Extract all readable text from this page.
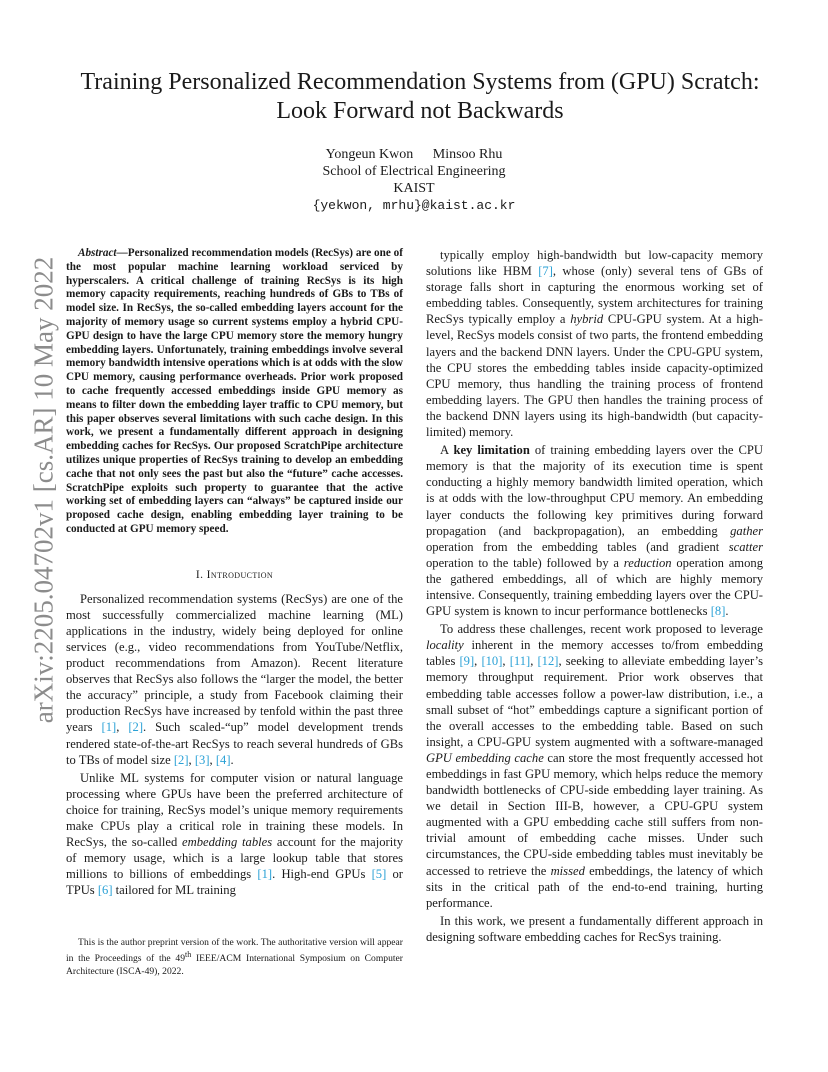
arXiv:2205.04702v1 [cs.AR] 10 May 2022
Training Personalized Recommendation Systems from (GPU) Scratch:
Look Forward not Backwards
Yongeun Kwon Minsoo Rhu
School of Electrical Engineering
KAIST
{yekwon, mrhu}@kaist.ac.kr

Abstract—Personalized recommendation models (RecSys) are one of the most popular machine learning workload serviced by hyperscalers. A critical challenge of training RecSys is its high memory capacity requirements, reaching hundreds of GBs to TBs of model size. In RecSys, the so-called embedding layers account for the majority of memory usage so current systems employ a hybrid CPU-GPU design to have the large CPU memory store the memory hungry embedding layers. Unfortunately, training embeddings involve several memory bandwidth intensive operations which is at odds with the slow CPU memory, causing performance overheads. Prior work proposed to cache frequently accessed embeddings inside GPU memory as means to filter down the embedding layer traffic to CPU memory, but this paper observes several limitations with such cache design. In this work, we present a fundamentally different approach in designing embedding caches for RecSys. Our proposed ScratchPipe architecture utilizes unique properties of RecSys training to develop an embedding cache that not only sees the past but also the “future” cache accesses. ScratchPipe exploits such property to guarantee that the active working set of embedding layers can “always” be captured inside our proposed cache design, enabling embedding layer training to be conducted at GPU memory speed.

I. Introduction

Personalized recommendation systems (RecSys) are one of the most successfully commercialized machine learning (ML) applications in the industry, widely being deployed for online services (e.g., video recommendations from YouTube/Netflix, product recommendations from Amazon). Recent literature observes that RecSys also follows the “larger the model, the better the accuracy” principle, a study from Facebook claiming their production RecSys have increased by tenfold within the past three years [1], [2]. Such scaled-“up” model development trends rendered state-of-the-art RecSys to reach several hundreds of GBs to TBs of model size [2], [3], [4].

Unlike ML systems for computer vision or natural language processing where GPUs have been the preferred architecture of choice for training, RecSys model’s unique memory requirements make CPUs play a critical role in training these models. In RecSys, the so-called embedding tables account for the majority of memory usage, which is a large lookup table that stores millions to billions of embeddings [1]. High-end GPUs [5] or TPUs [6] tailored for ML training

typically employ high-bandwidth but low-capacity memory solutions like HBM [7], whose (only) several tens of GBs of storage falls short in capturing the enormous working set of embedding tables. Consequently, system architectures for training RecSys typically employ a hybrid CPU-GPU system. At a high-level, RecSys models consist of two parts, the frontend embedding layers and the backend DNN layers. Under the CPU-GPU system, the CPU stores the embedding tables inside capacity-optimized CPU memory, thus handling the training process of frontend embedding layers. The GPU then handles the training process of the backend DNN layers using its high-bandwidth (but capacity-limited) memory.

A key limitation of training embedding layers over the CPU memory is that the majority of its execution time is spent conducting a highly memory bandwidth limited operation, which is at odds with the low-throughput CPU memory. An embedding layer conducts the following key primitives during forward propagation (and backpropagation), an embedding gather operation from the embedding tables (and gradient scatter operation to the table) followed by a reduction operation among the gathered embeddings, all of which are highly memory intensive. Consequently, training embedding layers over the CPU-GPU system is known to incur performance bottlenecks [8].

To address these challenges, recent work proposed to leverage locality inherent in the memory accesses to/from embedding tables [9], [10], [11], [12], seeking to alleviate embedding layer’s memory throughput requirement. Prior work observes that embedding table accesses follow a power-law distribution, i.e., a small subset of “hot” embeddings capture a significant portion of the overall accesses to the embedding table. Based on such insight, a CPU-GPU system augmented with a software-managed GPU embedding cache can store the most frequently accessed hot embeddings in fast GPU memory, which helps reduce the memory bandwidth bottlenecks of CPU-side embedding layer training. As we detail in Section III-B, however, a CPU-GPU system augmented with a GPU embedding cache still suffers from non-trivial amount of embedding cache misses. Under such circumstances, the CPU-side embedding tables must inevitably be accessed to retrieve the missed embeddings, the latency of which sits in the critical path of the end-to-end training, hurting performance.

In this work, we present a fundamentally different approach in designing software embedding caches for RecSys training.

This is the author preprint version of the work. The authoritative version will appear in the Proceedings of the 49th IEEE/ACM International Symposium on Computer Architecture (ISCA-49), 2022.
